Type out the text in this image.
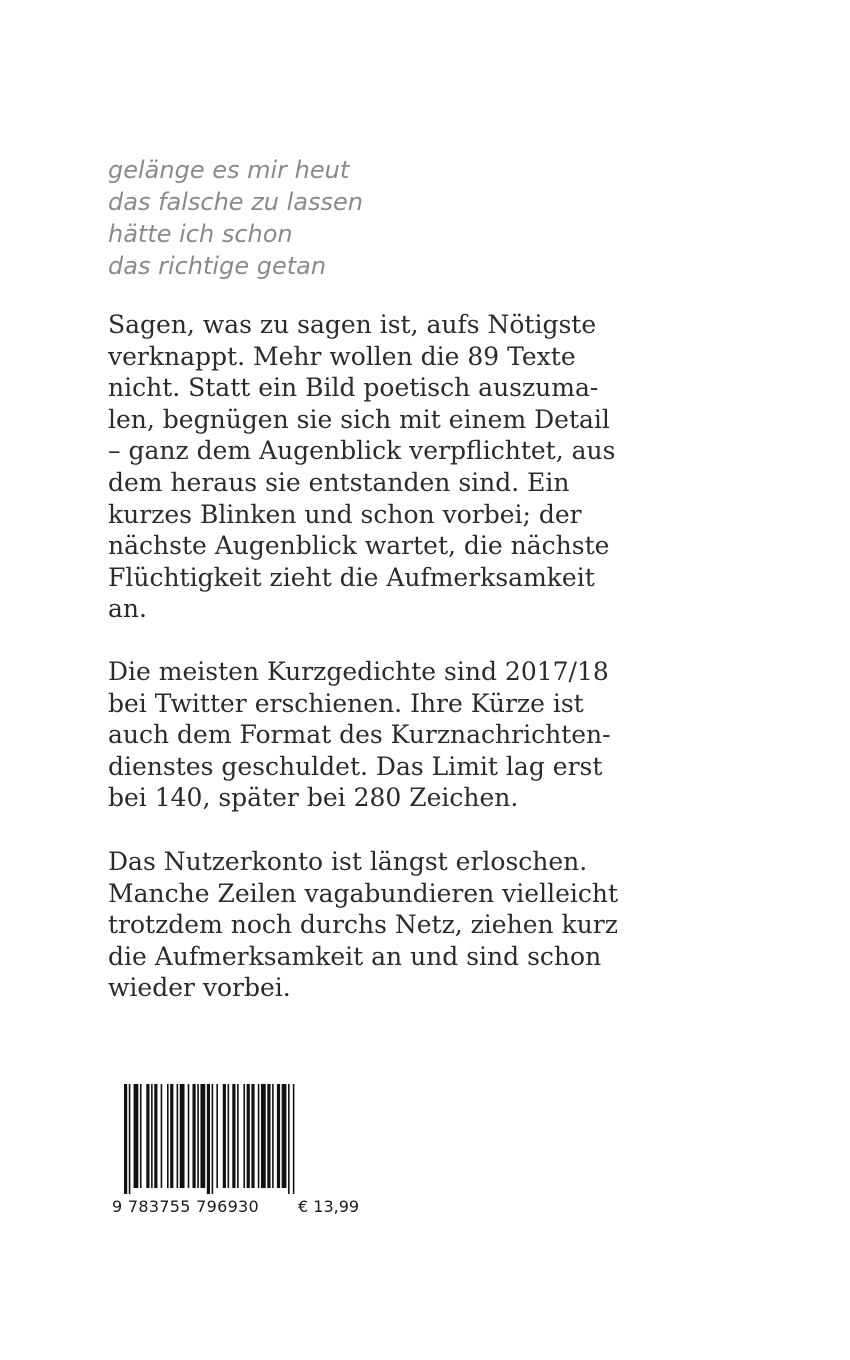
gelänge es mir heut
das falsche zu lassen
hätte ich schon
das richtige getan
Sagen, was zu sagen ist, aufs Nötigste
verknappt. Mehr wollen die 89 Texte
nicht. Statt ein Bild poetisch auszuma-
len, begnügen sie sich mit einem Detail
– ganz dem Augenblick verpflichtet, aus
dem heraus sie entstanden sind. Ein
kurzes Blinken und schon vorbei; der
nächste Augenblick wartet, die nächste
Flüchtigkeit zieht die Aufmerksamkeit
an.
Die meisten Kurzgedichte sind 2017/18
bei Twitter erschienen. Ihre Kürze ist
auch dem Format des Kurznachrichten-
dienstes geschuldet. Das Limit lag erst
bei 140, später bei 280 Zeichen.
Das Nutzerkonto ist längst erloschen.
Manche Zeilen vagabundieren vielleicht
trotzdem noch durchs Netz, ziehen kurz
die Aufmerksamkeit an und sind schon
wieder vorbei.
9 783755 796930	€ 13,99
